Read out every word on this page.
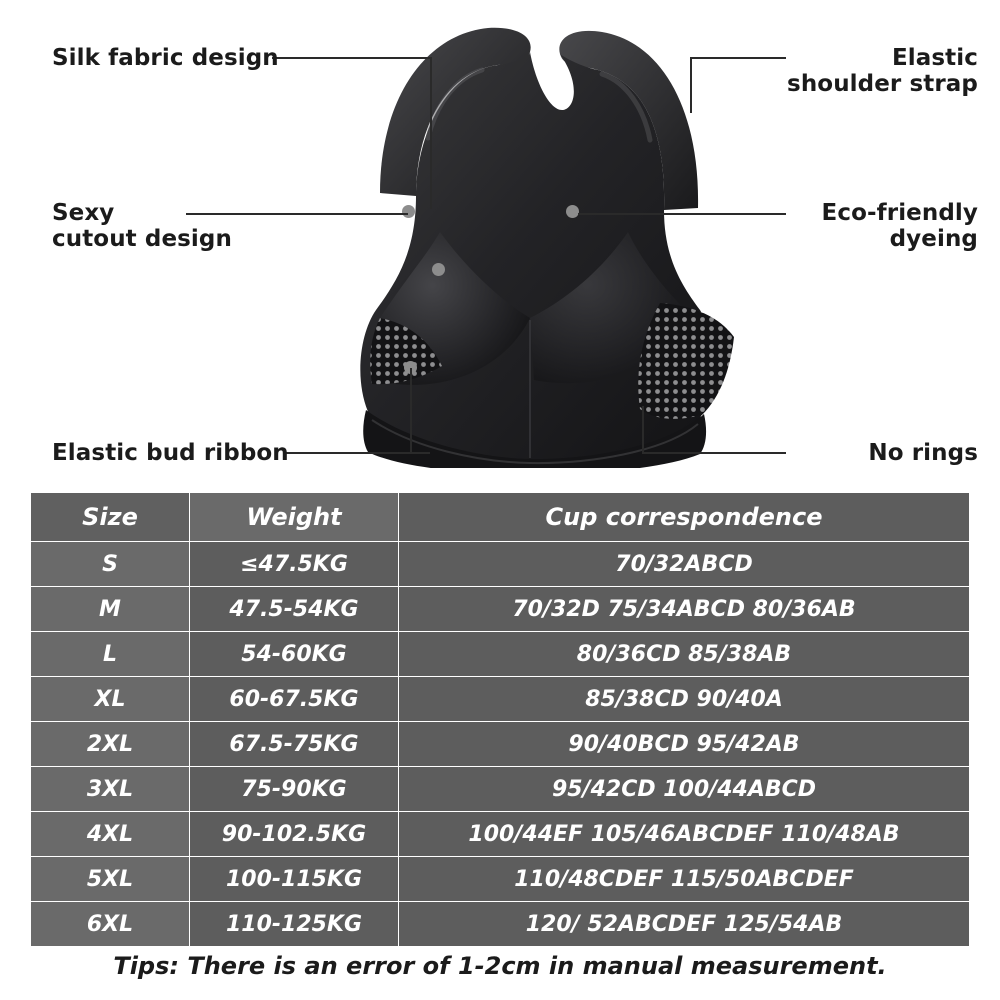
Silk fabric design
Sexy
cutout design
Elastic bud ribbon
Elastic
shoulder strap
Eco-friendly
dyeing
No rings
Size	Weight	Cup correspondence
S	≤47.5KG	70/32ABCD
M	47.5-54KG	70/32D 75/34ABCD 80/36AB
L	54-60KG	80/36CD 85/38AB
XL	60-67.5KG	85/38CD 90/40A
2XL	67.5-75KG	90/40BCD 95/42AB
3XL	75-90KG	95/42CD 100/44ABCD
4XL	90-102.5KG	100/44EF 105/46ABCDEF 110/48AB
5XL	100-115KG	110/48CDEF 115/50ABCDEF
6XL	110-125KG	120/ 52ABCDEF 125/54AB
Tips: There is an error of 1-2cm in manual measurement.
